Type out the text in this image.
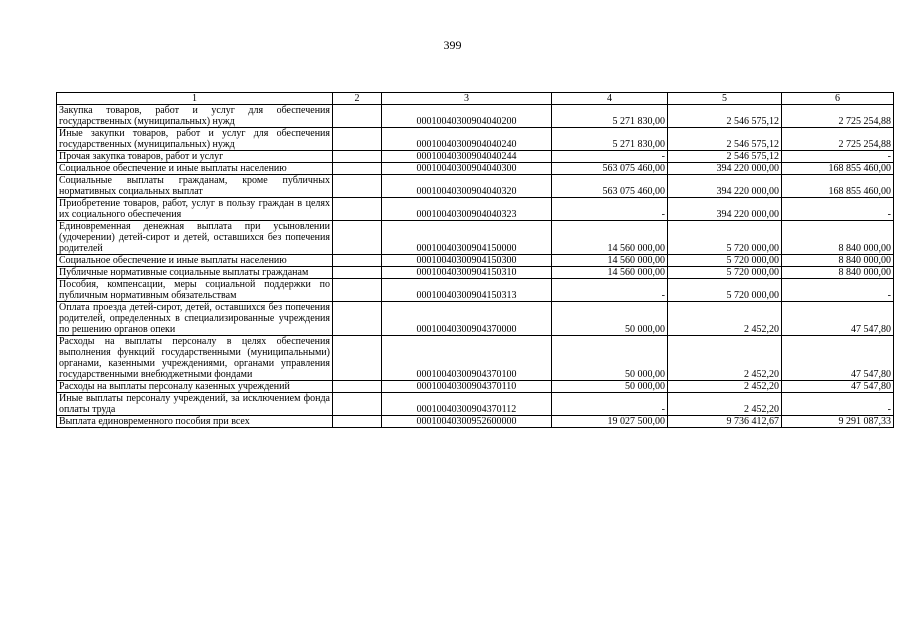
399
1	2	3	4	5	6
Закупка товаров, работ и услуг для обеспечения государственных (муниципальных) нужд		00010040300904040200	5 271 830,00	2 546 575,12	2 725 254,88
Иные закупки товаров, работ и услуг для обеспечения государственных (муниципальных) нужд		00010040300904040240	5 271 830,00	2 546 575,12	2 725 254,88
Прочая закупка товаров, работ и услуг		00010040300904040244	-	2 546 575,12	-
Социальное обеспечение и иные выплаты населению		00010040300904040300	563 075 460,00	394 220 000,00	168 855 460,00
Социальные выплаты гражданам, кроме публичных нормативных социальных выплат		00010040300904040320	563 075 460,00	394 220 000,00	168 855 460,00
Приобретение товаров, работ, услуг в пользу граждан в целях их социального обеспечения		00010040300904040323	-	394 220 000,00	-
Единовременная денежная выплата при усыновлении (удочерении) детей-сирот и детей, оставшихся без попечения родителей		00010040300904150000	14 560 000,00	5 720 000,00	8 840 000,00
Социальное обеспечение и иные выплаты населению		00010040300904150300	14 560 000,00	5 720 000,00	8 840 000,00
Публичные нормативные социальные выплаты гражданам		00010040300904150310	14 560 000,00	5 720 000,00	8 840 000,00
Пособия, компенсации, меры социальной поддержки по публичным нормативным обязательствам		00010040300904150313	-	5 720 000,00	-
Оплата проезда детей-сирот, детей, оставшихся без попечения родителей, определенных в специализированные учреждения по решению органов опеки		00010040300904370000	50 000,00	2 452,20	47 547,80
Расходы на выплаты персоналу в целях обеспечения выполнения функций государственными (муниципальными) органами, казенными учреждениями, органами управления государственными внебюджетными фондами		00010040300904370100	50 000,00	2 452,20	47 547,80
Расходы на выплаты персоналу казенных учреждений		00010040300904370110	50 000,00	2 452,20	47 547,80
Иные выплаты персоналу учреждений, за исключением фонда оплаты труда		00010040300904370112	-	2 452,20	-
Выплата единовременного пособия при всех		00010040300952600000	19 027 500,00	9 736 412,67	9 291 087,33
